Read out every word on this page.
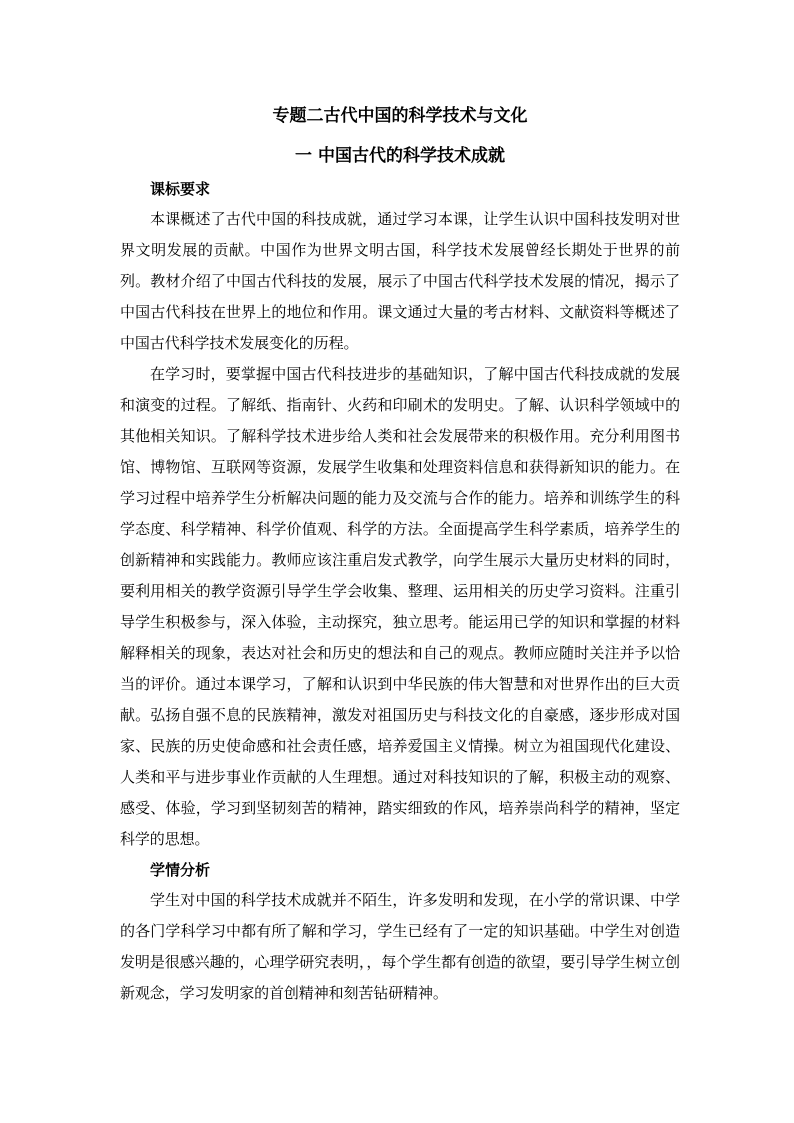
专题二古代中国的科学技术与文化
一 中国古代的科学技术成就
课标要求

本课概述了古代中国的科技成就，通过学习本课，让学生认识中国科技发明对世界文明发展的贡献。中国作为世界文明古国，科学技术发展曾经长期处于世界的前列。教材介绍了中国古代科技的发展，展示了中国古代科学技术发展的情况，揭示了中国古代科技在世界上的地位和作用。课文通过大量的考古材料、文献资料等概述了中国古代科学技术发展变化的历程。

在学习时，要掌握中国古代科技进步的基础知识，了解中国古代科技成就的发展和演变的过程。了解纸、指南针、火药和印刷术的发明史。了解、认识科学领域中的其他相关知识。了解科学技术进步给人类和社会发展带来的积极作用。充分利用图书馆、博物馆、互联网等资源，发展学生收集和处理资料信息和获得新知识的能力。在学习过程中培养学生分析解决问题的能力及交流与合作的能力。培养和训练学生的科学态度、科学精神、科学价值观、科学的方法。全面提高学生科学素质，培养学生的创新精神和实践能力。教师应该注重启发式教学，向学生展示大量历史材料的同时，要利用相关的教学资源引导学生学会收集、整理、运用相关的历史学习资料。注重引导学生积极参与，深入体验，主动探究，独立思考。能运用已学的知识和掌握的材料解释相关的现象，表达对社会和历史的想法和自己的观点。教师应随时关注并予以恰当的评价。通过本课学习，了解和认识到中华民族的伟大智慧和对世界作出的巨大贡献。弘扬自强不息的民族精神，激发对祖国历史与科技文化的自豪感，逐步形成对国家、民族的历史使命感和社会责任感，培养爱国主义情操。树立为祖国现代化建设、人类和平与进步事业作贡献的人生理想。通过对科技知识的了解，积极主动的观察、感受、体验，学习到坚韧刻苦的精神，踏实细致的作风，培养崇尚科学的精神，坚定科学的思想。

学情分析

学生对中国的科学技术成就并不陌生，许多发明和发现，在小学的常识课、中学的各门学科学习中都有所了解和学习，学生已经有了一定的知识基础。中学生对创造发明是很感兴趣的，心理学研究表明，，每个学生都有创造的欲望，要引导学生树立创新观念，学习发明家的首创精神和刻苦钻研精神。
